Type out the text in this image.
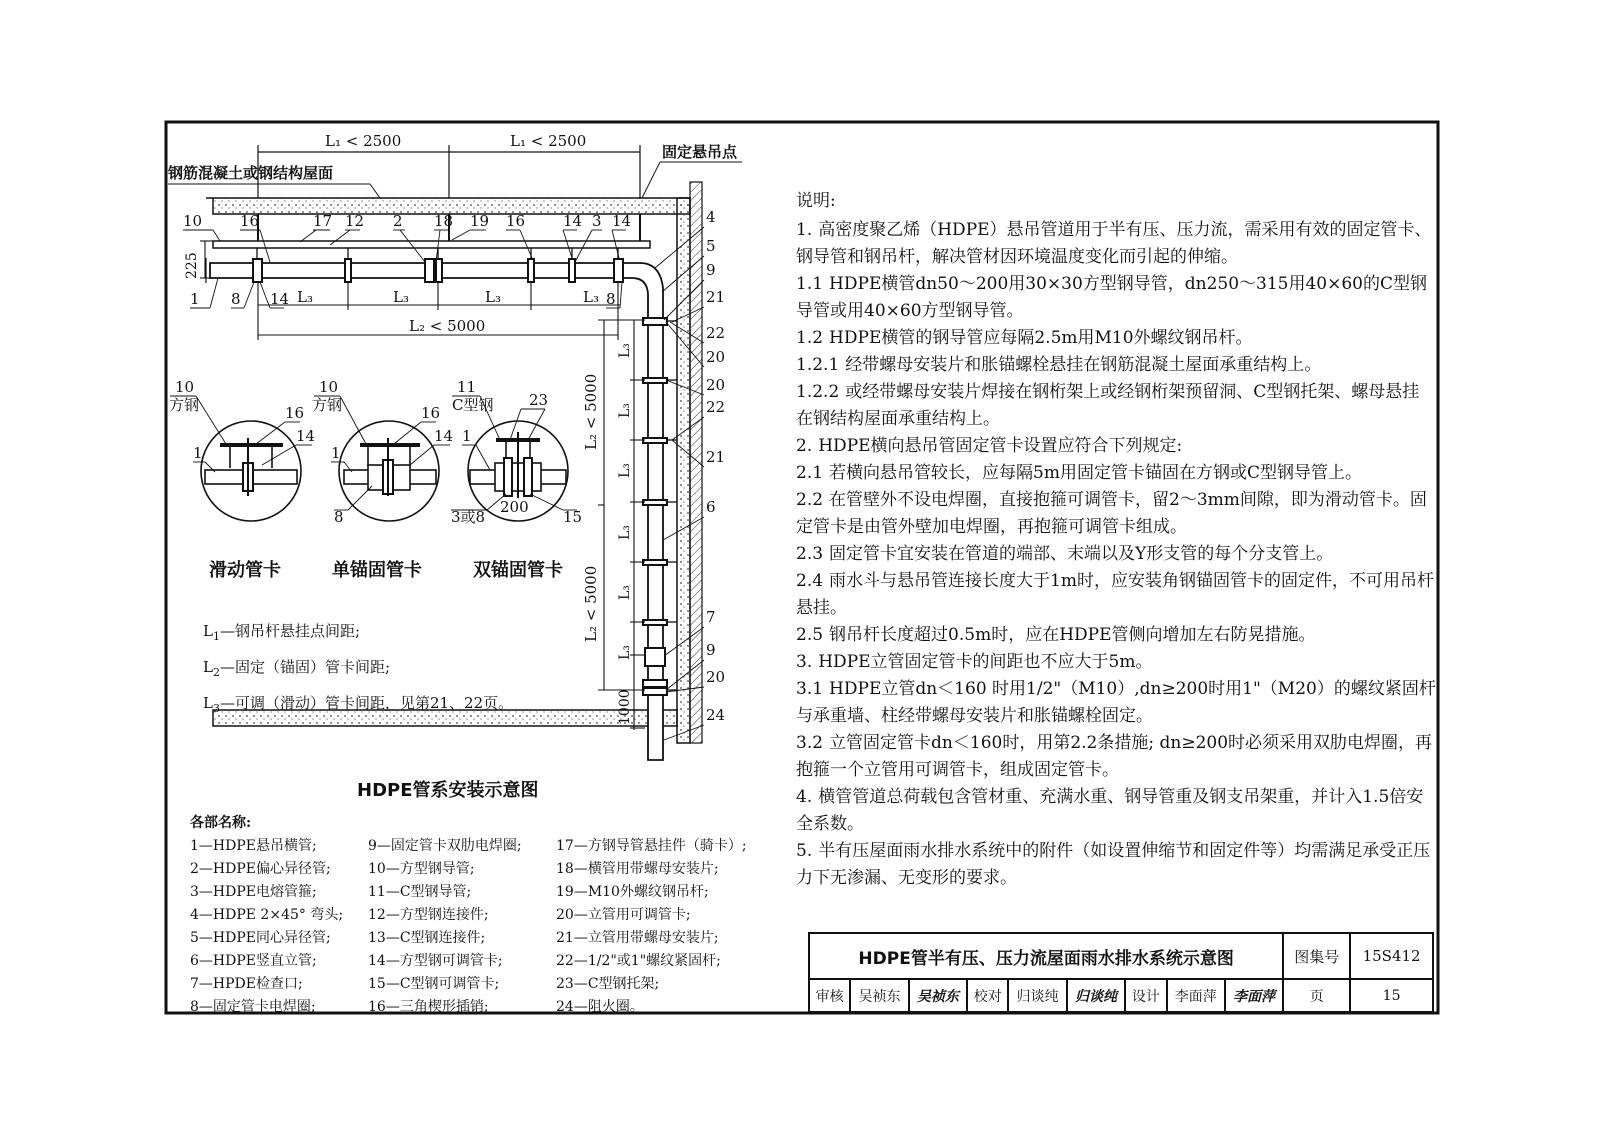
L₁ < 2500	L₁ < 2500
钢筋混凝土或钢结构屋面
固定悬吊点
225
L₃	L₃	L₃	L₃
L₂ < 5000
10	16	17 12 2 18 19 16	14 3 14
1 8 14	8
L₂ < 5000
L₂ < 5000
L₃
L₃
L₃
L₃
L₃
L₃
1000
4
5
9
21
22
20
20
22
21
6
7
9
20
24
10
16
14
1
方钢
10
16
14
1
8
方钢
11
23
1
200
15
3或8
C型钢
滑动管卡	单锚固管卡	双锚固管卡
$L_1—$钢吊杆悬挂点间距;
$L_2—$固定（锚固）管卡间距;
$L_3—$可调（滑动）管卡间距，见第21、22页。
HDPE管系安装示意图
各部名称:
1—HDPE悬吊横管;	9—固定管卡双肋电焊圈;	17—方钢导管悬挂件（骑卡）;
2—HDPE偏心异径管;	10—方型钢导管;	18—横管用带螺母安装片;
3—HDPE电熔管箍;	11—C型钢导管;	19—M10外螺纹钢吊杆;
4—HDPE 2×45° 弯头;	12—方型钢连接件;	20—立管用可调管卡;
5—HDPE同心异径管;	13—C型钢连接件;	21—立管用带螺母安装片;
6—HDPE竖直立管;	14—方型钢可调管卡;	22—1/2"或1"螺纹紧固杆;
7—HPDE检查口;	15—C型钢可调管卡;	23—C型钢托架;
8—固定管卡电焊圈;	16—三角楔形插销;	24—阻火圈。
说明:
1. 高密度聚乙烯（HDPE）悬吊管道用于半有压、压力流，需采用有效的固定管卡、钢导管和钢吊杆，解决管材因环境温度变化而引起的伸缩。
1.1 HDPE横管dn50～200用30×30方型钢导管，dn250～315用40×60的C型钢导管或用40×60方型钢导管。
1.2 HDPE横管的钢导管应每隔2.5m用M10外螺纹钢吊杆。
1.2.1 经带螺母安装片和胀锚螺栓悬挂在钢筋混凝土屋面承重结构上。
1.2.2 或经带螺母安装片焊接在钢桁架上或经钢桁架预留洞、C型钢托架、螺母悬挂在钢结构屋面承重结构上。
2. HDPE横向悬吊管固定管卡设置应符合下列规定:
2.1 若横向悬吊管较长，应每隔5m用固定管卡锚固在方钢或C型钢导管上。
2.2 在管壁外不设电焊圈，直接抱箍可调管卡，留2～3mm间隙，即为滑动管卡。固定管卡是由管外壁加电焊圈，再抱箍可调管卡组成。
2.3 固定管卡宜安装在管道的端部、末端以及Y形支管的每个分支管上。
2.4 雨水斗与悬吊管连接长度大于1m时，应安装角钢锚固管卡的固定件，不可用吊杆悬挂。
2.5 钢吊杆长度超过0.5m时，应在HDPE管侧向增加左右防晃措施。
3. HDPE立管固定管卡的间距也不应大于5m。
3.1 HDPE立管dn＜160 时用1/2"（M10）,dn≥200时用1"（M20）的螺纹紧固杆与承重墙、柱经带螺母安装片和胀锚螺栓固定。
3.2 立管固定管卡dn＜160时，用第2.2条措施; dn≥200时必须采用双肋电焊圈，再抱箍一个立管用可调管卡，组成固定管卡。
4. 横管管道总荷载包含管材重、充满水重、钢导管重及钢支吊架重，并计入1.5倍安全系数。
5. 半有压屋面雨水排水系统中的附件（如设置伸缩节和固定件等）均需满足承受正压力下无渗漏、无变形的要求。
HDPE管半有压、压力流屋面雨水排水系统示意图									图集号	15S412
审核	吴祯东	吴祯东	校对	归谈纯	归谈纯	设计	李面萍	李面萍	页	15
